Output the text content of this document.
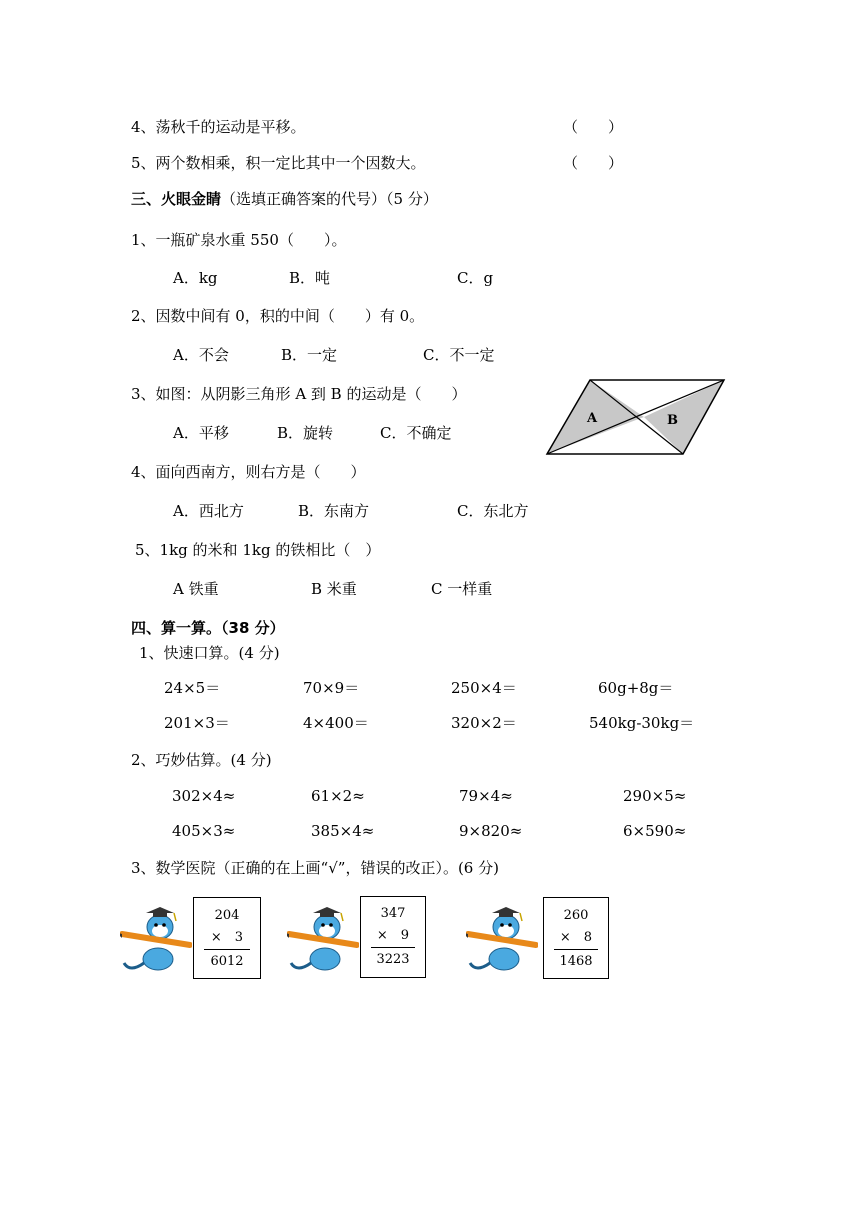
4、荡秋千的运动是平移。	（　　）
5、两个数相乘，积一定比其中一个因数大。	（　　）
三、火眼金睛（选填正确答案的代号）（5 分）
1、一瓶矿泉水重 550（　　）。
A．kg	B．吨	C．g
2、因数中间有 0，积的中间（　　）有 0。
A．不会	B．一定	C．不一定
3、如图：从阴影三角形 A 到 B 的运动是（　　）
A．平移	B．旋转	C．不确定
A	B
4、面向西南方，则右方是（　　）
A．西北方	B．东南方	C．东北方
5、1kg 的米和 1kg 的铁相比（　）
A 铁重	B 米重	C 一样重
四、算一算。（38 分）
1、快速口算。(4 分)
24×5＝	70×9＝	250×4＝	60g+8g＝
201×3＝	4×400＝	320×2＝	540kg-30kg＝
2、巧妙估算。(4 分)
302×4≈	61×2≈	79×4≈	290×5≈
405×3≈	385×4≈	9×820≈	6×590≈
3、数学医院（正确的在上画“√”，错误的改正）。(6 分)
204
×　3
6012
347
×　9
3223
260
×　8
1468
